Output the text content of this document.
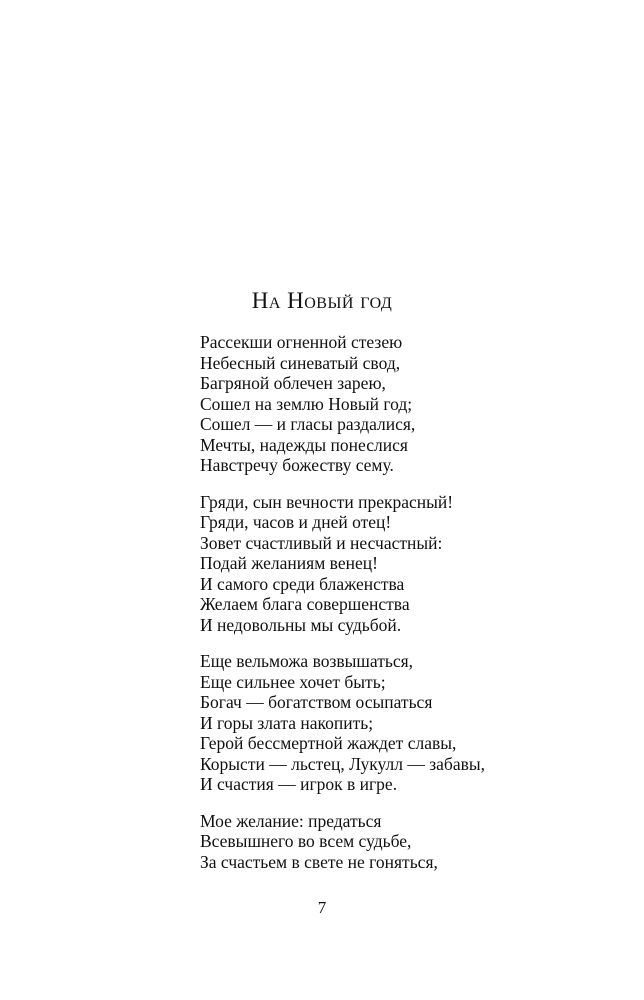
На Новый год
Рассекши огненной стезею
Небесный синеватый свод,
Багряной облечен зарею,
Сошел на землю Новый год;
Сошел — и гласы раздалися,
Мечты, надежды понеслися
Навстречу божеству сему.
Гряди, сын вечности прекрасный!
Гряди, часов и дней отец!
Зовет счастливый и несчастный:
Подай желаниям венец!
И самого среди блаженства
Желаем блага совершенства
И недовольны мы судьбой.
Еще вельможа возвышаться,
Еще сильнее хочет быть;
Богач — богатством осыпаться
И горы злата накопить;
Герой бессмертной жаждет славы,
Корысти — льстец, Лукулл — забавы,
И счастия — игрок в игре.
Мое желание: предаться
Всевышнего во всем судьбе,
За счастьем в свете не гоняться,
7
